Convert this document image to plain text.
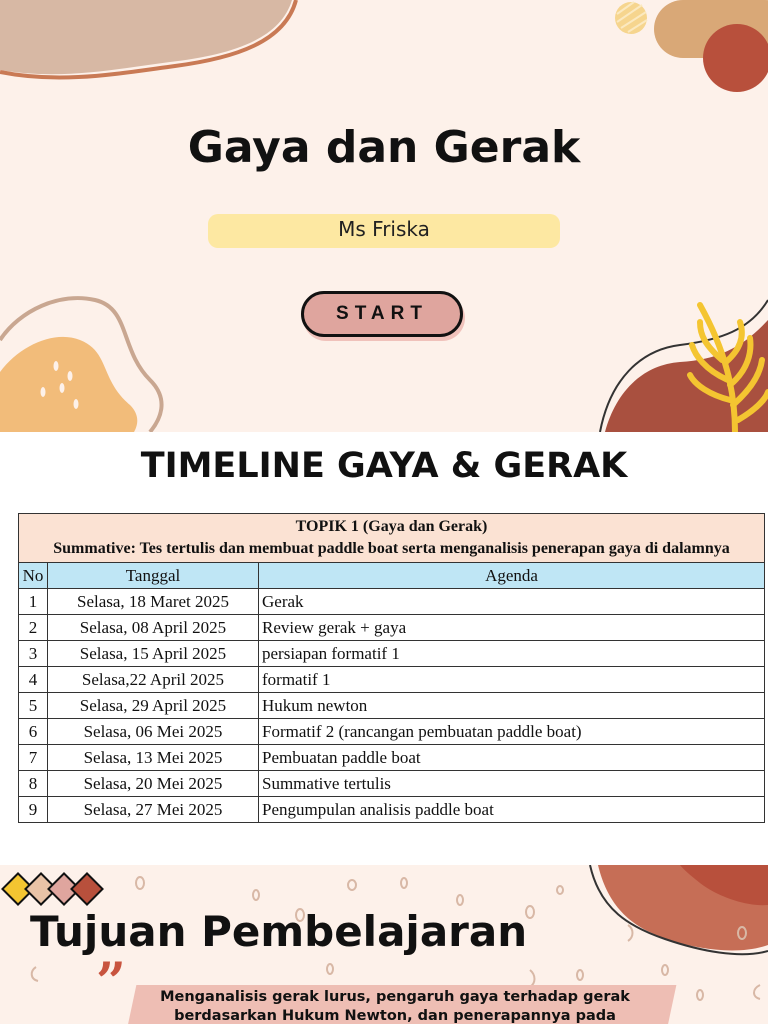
Gaya dan Gerak
Ms Friska
START
TIMELINE GAYA & GERAK
TOPIK 1 (Gaya dan Gerak)
Summative: Tes tertulis dan membuat paddle boat serta menganalisis penerapan gaya di dalamnya		

No	Tanggal	Agenda
1	Selasa, 18 Maret 2025	Gerak
2	Selasa, 08 April 2025	Review gerak + gaya
3	Selasa, 15 April 2025	persiapan formatif 1
4	Selasa,22 April 2025	formatif 1
5	Selasa, 29 April 2025	Hukum newton
6	Selasa, 06 Mei 2025	Formatif 2 (rancangan pembuatan paddle boat)
7	Selasa, 13 Mei 2025	Pembuatan paddle boat
8	Selasa, 20 Mei 2025	Summative tertulis
9	Selasa, 27 Mei 2025	Pengumpulan analisis paddle boat
Tujuan Pembelajaran
”	Menganalisis gerak lurus, pengaruh gaya terhadap gerak
berdasarkan Hukum Newton, dan penerapannya pada
